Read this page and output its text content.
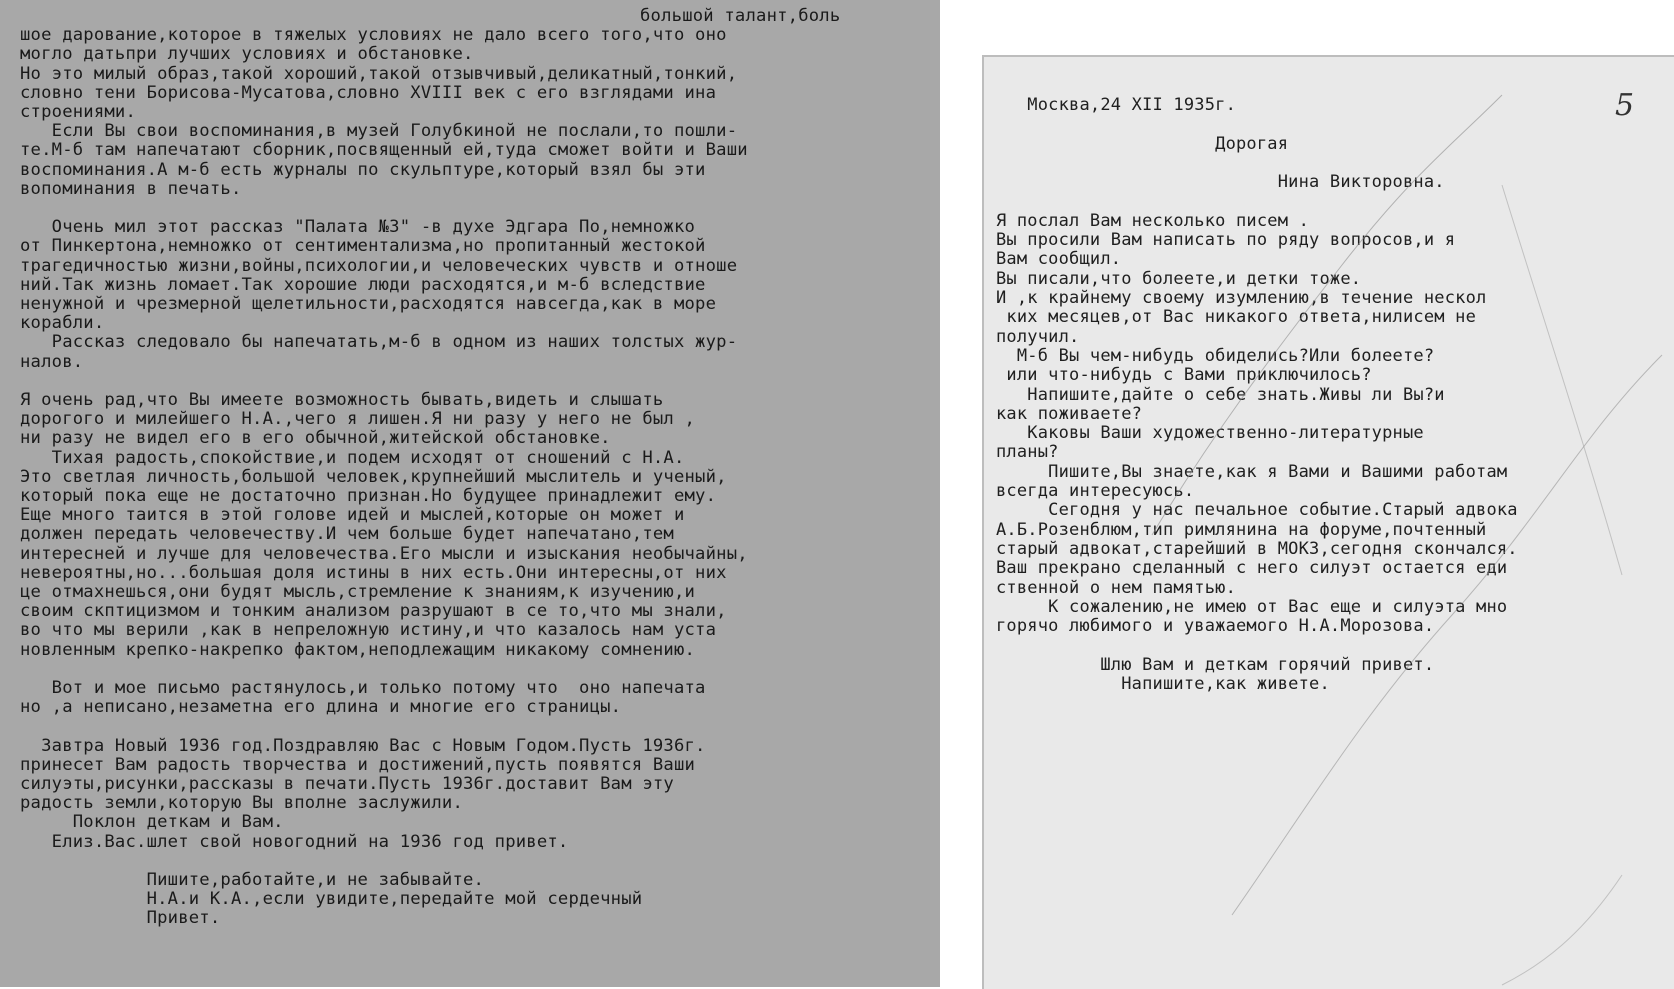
большой талант,боль
шое дарование,которое в тяжелых условиях не дало всего того,что оно
могло датьпри лучших условиях и обстановке.
Но это милый образ,такой хороший,такой отзывчивый,деликатный,тонкий,
словно тени Борисова-Мусатова,словно XVIII век с его взглядами ина
строениями.
Если Вы свои воспоминания,в музей Голубкиной не послали,то пошли-
те.М-б там напечатают сборник,посвященный ей,туда сможет войти и Ваши
воспоминания.А м-б есть журналы по скульптуре,который взял бы эти
вопоминания в печать.
Очень мил этот рассказ "Палата №3" -в духе Эдгара По,немножко
от Пинкертона,немножко от сентиментализма,но пропитанный жестокой
трагедичностью жизни,войны,психологии,и человеческих чувств и отноше
ний.Так жизнь ломает.Так хорошие люди расходятся,и м-б вследствие
ненужной и чрезмерной щелетильности,расходятся навсегда,как в море
корабли.
Рассказ следовало бы напечатать,м-б в одном из наших толстых жур-
налов.
Я очень рад,что Вы имеете возможность бывать,видеть и слышать
дорогого и милейшего Н.А.,чего я лишен.Я ни разу у него не был ,
ни разу не видел его в его обычной,житейской обстановке.
Тихая радость,спокойствие,и подем исходят от сношений с Н.А.
Это светлая личность,большой человек,крупнейший мыслитель и ученый,
который пока еще не достаточно признан.Но будущее принадлежит ему.
Еще много таится в этой голове идей и мыслей,которые он может и
должен передать человечеству.И чем больше будет напечатано,тем
интересней и лучше для человечества.Его мысли и изыскания необычайны,
невероятны,но...большая доля истины в них есть.Они интересны,от них
це отмахнешься,они будят мысль,стремление к знаниям,к изучению,и
своим скптицизмом и тонким анализом разрушают в се то,что мы знали,
во что мы верили ,как в непреложную истину,и что казалось нам уста
новленным крепко-накрепко фактом,неподлежащим никакому сомнению.
Вот и мое письмо растянулось,и только потому что  оно напечата
но ,а неписано,незаметна его длина и многие его страницы.
Завтра Новый 1936 год.Поздравляю Вас с Новым Годом.Пусть 1936г.
принесет Вам радость творчества и достижений,пусть появятся Ваши
силуэты,рисунки,рассказы в печати.Пусть 1936г.доставит Вам эту
радость земли,которую Вы вполне заслужили.
Поклон деткам и Вам.
Елиз.Вас.шлет свой новогодний на 1936 год привет.
Пишите,работайте,и не забывайте.
Н.А.и К.А.,если увидите,передайте мой сердечный
Привет.
Москва,24 XII 1935г.
Дорогая
Нина Викторовна.
Я послал Вам несколько писем .
Вы просили Вам написать по ряду вопросов,и я
Вам сообщил.
Вы писали,что болеете,и детки тоже.
И ,к крайнему своему изумлению,в течение нескол
ких месяцев,от Вас никакого ответа,нилисем не
получил.
М-б Вы чем-нибудь обиделись?Или болеете?
или что-нибудь с Вами приключилось?
Напишите,дайте о себе знать.Живы ли Вы?и
как поживаете?
Каковы Ваши художественно-литературные
планы?
Пишите,Вы знаете,как я Вами и Вашими работам
всегда интересуюсь.
Сегодня у нас печальное событие.Старый адвока
А.Б.Розенблюм,тип римлянина на форуме,почтенный
старый адвокат,старейший в МОКЗ,сегодня скончался.
Ваш прекрано сделанный с него силуэт остается еди
ственной о нем памятью.
К сожалению,не имею от Вас еще и силуэта мно
горячо любимого и уважаемого Н.А.Морозова.
Шлю Вам и деткам горячий привет.
Напишите,как живете.
5
